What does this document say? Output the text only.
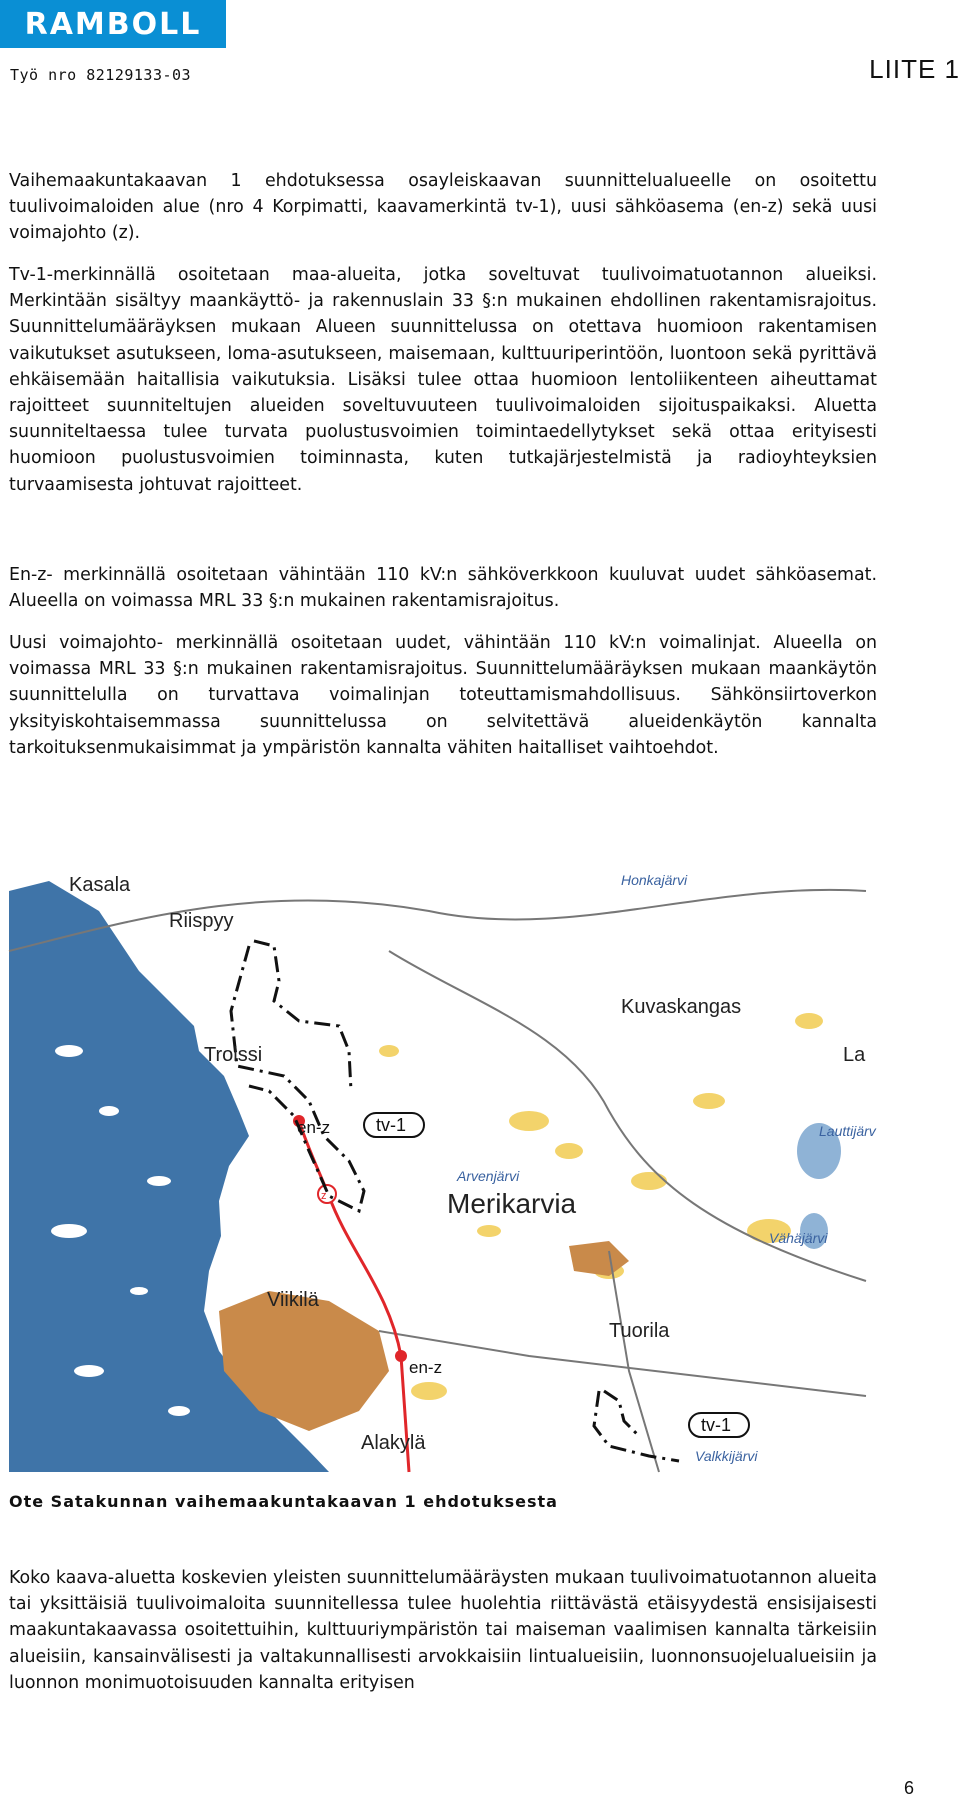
RAMBOLL
Työ nro 82129133-03	LIITE 1

Vaihemaakuntakaavan 1 ehdotuksessa osayleiskaavan suunnittelualueelle on osoitettu tuulivoimaloiden alue (nro 4 Korpimatti, kaavamerkintä tv-1), uusi sähköasema (en-z) sekä uusi voimajohto (z).

Tv-1-merkinnällä osoitetaan maa-alueita, jotka soveltuvat tuulivoimatuotannon alueiksi. Merkintään sisältyy maankäyttö- ja rakennuslain 33 §:n mukainen ehdollinen rakentamisrajoitus. Suunnittelumääräyksen mukaan Alueen suunnittelussa on otettava huomioon rakentamisen vaikutukset asutukseen, loma-asutukseen, maisemaan, kulttuuriperintöön, luontoon sekä pyrittävä ehkäisemään haitallisia vaikutuksia. Lisäksi tulee ottaa huomioon lentoliikenteen aiheuttamat rajoitteet suunniteltujen alueiden soveltuvuuteen tuulivoimaloiden sijoituspaikaksi. Aluetta suunniteltaessa tulee turvata puolustusvoimien toimintaedellytykset sekä ottaa erityisesti huomioon puolustusvoimien toiminnasta, kuten tutkajärjestelmistä ja radioyhteyksien turvaamisesta johtuvat rajoitteet.

En-z- merkinnällä osoitetaan vähintään 110 kV:n sähköverkkoon kuuluvat uudet sähköasemat. Alueella on voimassa MRL 33 §:n mukainen rakentamisrajoitus.

Uusi voimajohto- merkinnällä osoitetaan uudet, vähintään 110 kV:n voimalinjat. Alueella on voimassa MRL 33 §:n mukainen rakentamisrajoitus. Suunnittelumääräyksen mukaan maankäytön suunnittelulla on turvattava voimalinjan toteuttamismahdollisuus. Sähkönsiirtoverkon yksityiskohtaisemmassa suunnittelussa on selvitettävä alueidenkäytön kannalta tarkoituksenmukaisimmat ja ympäristön kannalta vähiten haitalliset vaihtoehdot.

z
tv-1
tv-1
en-z
en-z
Kasala
Riispyy
Honkajärvi
Kuvaskangas
Trolssi	La
Lauttijärv
Arvenjärvi
Merikarvia
Vähäjärvi
Viikilä
Tuorila
Alakylä
Valkkijärvi
Ote Satakunnan vaihemaakuntakaavan 1 ehdotuksesta

Koko kaava-aluetta koskevien yleisten suunnittelumääräysten mukaan tuulivoimatuotannon alueita tai yksittäisiä tuulivoimaloita suunnitellessa tulee huolehtia riittävästä etäisyydestä ensisijaisesti maakuntakaavassa osoitettuihin, kulttuuriympäristön tai maiseman vaalimisen kannalta tärkeisiin alueisiin, kansainvälisesti ja valtakunnallisesti arvokkaisiin lintualueisiin, luonnonsuojelualueisiin ja luonnon monimuotoisuuden kannalta erityisen

6
